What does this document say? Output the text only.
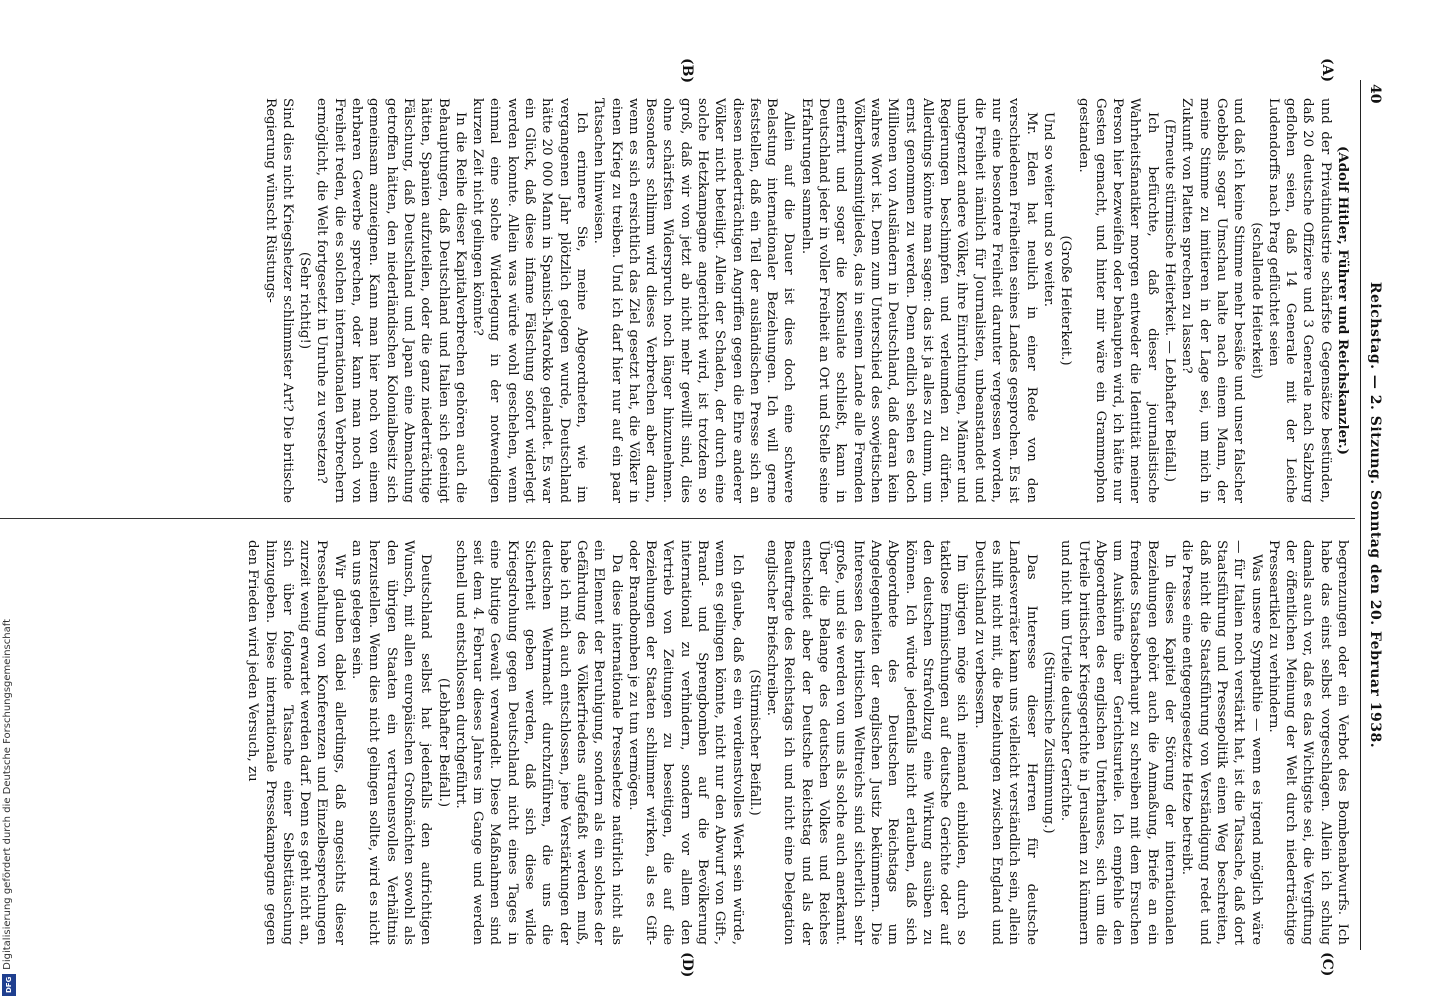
40
Reichstag. — 2. Sitzung. Sonntag den 20. Februar 1938.
(A)
(B)
(C)
(D)

(Adolf Hitler, Führer und Reichskanzler.)

und der Privatindustrie schärfste Gegensätze bestünden, daß 20 deutsche Offiziere und 3 Generale nach Salzburg geflohen seien, daß 14 Generale mit der Leiche Ludendorffs nach Prag geflüchtet seien

(schallende Heiterkeit)

und daß ich keine Stimme mehr besäße und unser falscher Goebbels sogar Umschau halte nach einem Mann, der meine Stimme zu imitieren in der Lage sei, um mich in Zukunft von Platten sprechen zu lassen?

(Erneute stürmische Heiterkeit. — Lebhafter Beifall.)

Ich befürchte, daß dieser journalistische Wahrheitsfanatiker morgen entweder die Identität meiner Person hier bezweifeln oder behaupten wird, ich hätte nur Gesten gemacht, und hinter mir wäre ein Grammophon gestanden.

(Große Heiterkeit.)

Und so weiter und so weiter.

Mr. Eden hat neulich in einer Rede von den verschiedenen Freiheiten seines Landes gesprochen. Es ist nur eine besondere Freiheit darunter vergessen worden, die Freiheit nämlich für Journalisten, unbeanstandet und unbegrenzt andere Völker, ihre Einrichtungen, Männer und Regierungen beschimpfen und verleumden zu dürfen. Allerdings könnte man sagen: das ist ja alles zu dumm, um ernst genommen zu werden. Denn endlich sehen es doch Millionen von Ausländern in Deutschland, daß daran kein wahres Wort ist. Denn zum Unterschied des sowjetischen Völkerbundsmitgliedes, das in seinem Lande alle Fremden entfernt und sogar die Konsulate schließt, kann in Deutschland jeder in voller Freiheit an Ort und Stelle seine Erfahrungen sammeln.

Allein auf die Dauer ist dies doch eine schwere Belastung internationaler Beziehungen. Ich will gerne feststellen, daß ein Teil der ausländischen Presse sich an diesen niederträchtigen Angriffen gegen die Ehre anderer Völker nicht beteiligt. Allein der Schaden, der durch eine solche Hetzkampagne angerichtet wird, ist trotzdem so groß, daß wir von jetzt ab nicht mehr gewillt sind, dies ohne schärfsten Widerspruch noch länger hinzunehmen. Besonders schlimm wird dieses Verbrechen aber dann, wenn es sich ersichtlich das Ziel gesetzt hat, die Völker in einen Krieg zu treiben. Und ich darf hier nur auf ein paar Tatsachen hinweisen.

Ich erinnere Sie, meine Abgeordneten, wie im vergangenen Jahr plötzlich gelogen wurde, Deutschland hätte 20 000 Mann in Spanisch-Marokko gelandet. Es war ein Glück, daß diese infame Fälschung sofort widerlegt werden konnte. Allein was würde wohl geschehen, wenn einmal eine solche Widerlegung in der notwendigen kurzen Zeit nicht gelingen könnte?

In die Reihe dieser Kapitalverbrechen gehören auch die Behauptungen, daß Deutschland und Italien sich geeinigt hätten, Spanien aufzuteilen, oder die ganz niederträchtige Fälschung, daß Deutschland und Japan eine Abmachung getroffen hätten, den niederländischen Kolonialbesitz sich gemeinsam anzueignen. Kann man hier noch von einem ehrbaren Gewerbe sprechen, oder kann man noch von Freiheit reden, die es solchen internationalen Verbrechern ermöglicht, die Welt fortgesetzt in Unruhe zu versetzen?

(Sehr richtig!)

Sind dies nicht Kriegshetzer schlimmster Art? Die britische Regierung wünscht Rüstungs-

begrenzungen oder ein Verbot des Bombenabwurfs. Ich habe das einst selbst vorgeschlagen. Allein ich schlug damals auch vor, daß es das Wichtigste sei, die Vergiftung der öffentlichen Meinung der Welt durch niederträchtige Presseartikel zu verhindern.

Was unsere Sympathie — wenn es irgend möglich wäre — für Italien noch verstärkt hat, ist die Tatsache, daß dort Staatsführung und Pressepolitik einen Weg beschreiten, daß nicht die Staatsführung von Verständigung redet und die Presse eine entgegengesetzte Hetze betreibt.

In dieses Kapitel der Störung der internationalen Beziehungen gehört auch die Anmaßung, Briefe an ein fremdes Staatsoberhaupt zu schreiben mit dem Ersuchen um Auskünfte über Gerichtsurteile. Ich empfehle den Abgeordneten des englischen Unterhauses, sich um die Urteile britischer Kriegsgerichte in Jerusalem zu kümmern und nicht um Urteile deutscher Gerichte.

(Stürmische Zustimmung.)

Das Interesse dieser Herren für deutsche Landesverräter kann uns vielleicht verständlich sein, allein es hilft nicht mit, die Beziehungen zwischen England und Deutschland zu verbessern.

Im übrigen möge sich niemand einbilden, durch so taktlose Einmischungen auf deutsche Gerichte oder auf den deutschen Strafvollzug eine Wirkung ausüben zu können. Ich würde jedenfalls nicht erlauben, daß sich Abgeordnete des Deutschen Reichstags um Angelegenheiten der englischen Justiz bekümmern. Die Interessen des britischen Weltreichs sind sicherlich sehr große, und sie werden von uns als solche auch anerkannt. Über die Belange des deutschen Volkes und Reiches entscheidet aber der Deutsche Reichstag und als der Beauftragte des Reichstags ich und nicht eine Delegation englischer Briefschreiber.

(Stürmischer Beifall.)

Ich glaube, daß es ein verdienstvolles Werk sein würde, wenn es gelingen könnte, nicht nur den Abwurf von Gift-, Brand- und Sprengbomben auf die Bevölkerung international zu verhindern, sondern vor allem den Vertrieb von Zeitungen zu beseitigen, die auf die Beziehungen der Staaten schlimmer wirken, als es Gift- oder Brandbomben je zu tun vermögen.

Da diese internationale Pressehetze natürlich nicht als ein Element der Beruhigung, sondern als ein solches der Gefährdung des Völkerfriedens aufgefaßt werden muß, habe ich mich auch entschlossen, jene Verstärkungen der deutschen Wehrmacht durchzuführen, die uns die Sicherheit geben werden, daß sich diese wilde Kriegsdrohung gegen Deutschland nicht eines Tages in eine blutige Gewalt verwandelt. Diese Maßnahmen sind seit dem 4. Februar dieses Jahres im Gange und werden schnell und entschlossen durchgeführt.

(Lebhafter Beifall.)

Deutschland selbst hat jedenfalls den aufrichtigen Wunsch, mit allen europäischen Großmächten sowohl als den übrigen Staaten ein vertrauensvolles Verhältnis herzustellen. Wenn dies nicht gelingen sollte, wird es nicht an uns gelegen sein.

Wir glauben dabei allerdings, daß angesichts dieser Pressehaltung von Konferenzen und Einzelbesprechungen zurzeit wenig erwartet werden darf. Denn es geht nicht an, sich über folgende Tatsache einer Selbsttäuschung hinzugeben. Diese internationale Pressekampagne gegen den Frieden wird jeden Versuch, zu

Digitalisierung gefördert durch die Deutsche Forschungsgemeinschaft
DFG
